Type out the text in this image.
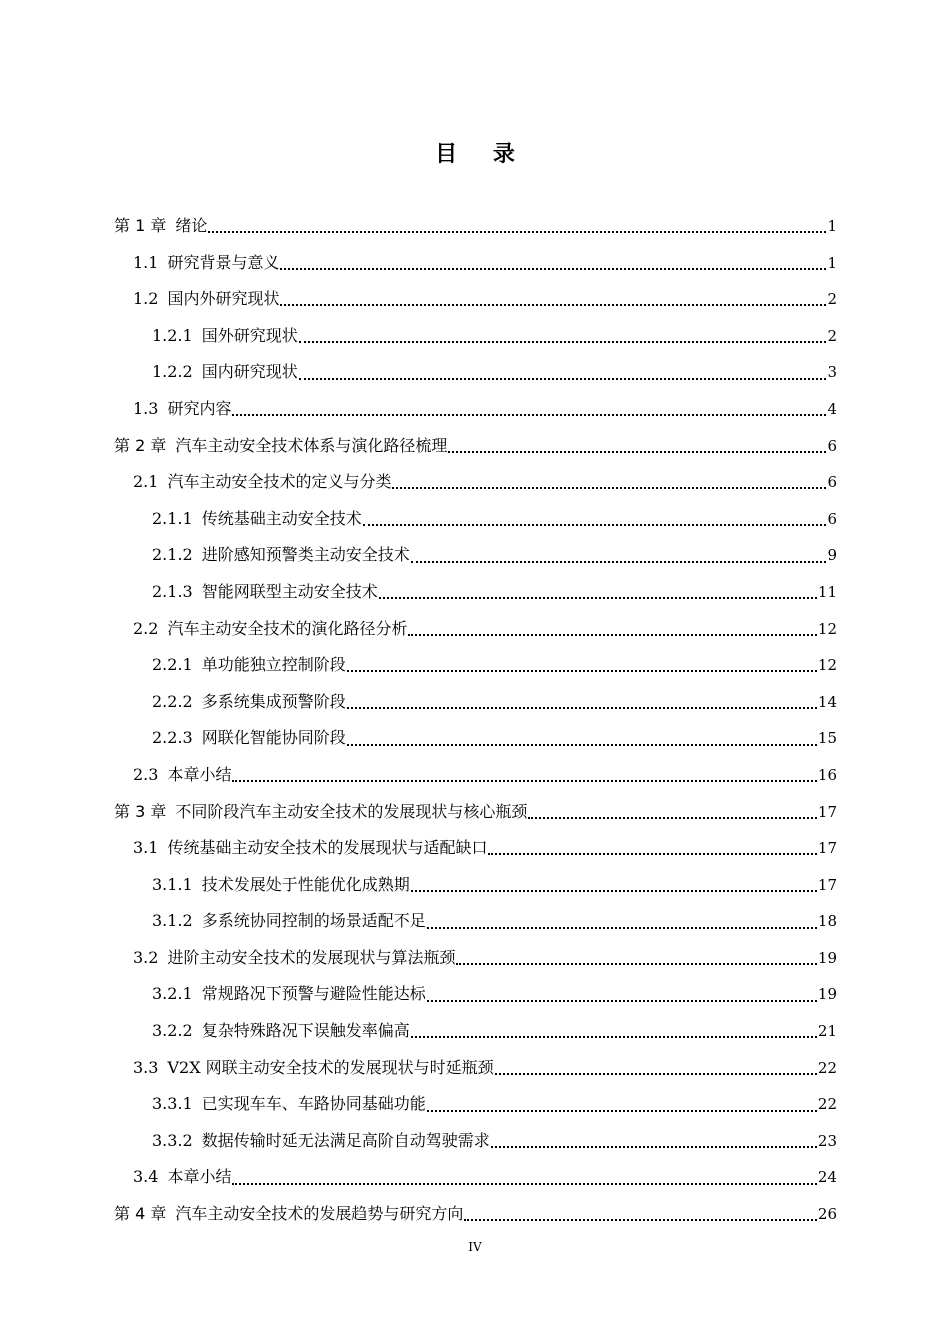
目 录
第 1 章 绪论	1
1.1 研究背景与意义	1
1.2 国内外研究现状	2
1.2.1 国外研究现状	2
1.2.2 国内研究现状	3
1.3 研究内容	4
第 2 章 汽车主动安全技术体系与演化路径梳理	6
2.1 汽车主动安全技术的定义与分类	6
2.1.1 传统基础主动安全技术	6
2.1.2 进阶感知预警类主动安全技术	9
2.1.3 智能网联型主动安全技术	11
2.2 汽车主动安全技术的演化路径分析	12
2.2.1 单功能独立控制阶段	12
2.2.2 多系统集成预警阶段	14
2.2.3 网联化智能协同阶段	15
2.3 本章小结	16
第 3 章 不同阶段汽车主动安全技术的发展现状与核心瓶颈	17
3.1 传统基础主动安全技术的发展现状与适配缺口	17
3.1.1 技术发展处于性能优化成熟期	17
3.1.2 多系统协同控制的场景适配不足	18
3.2 进阶主动安全技术的发展现状与算法瓶颈	19
3.2.1 常规路况下预警与避险性能达标	19
3.2.2 复杂特殊路况下误触发率偏高	21
3.3 V2X 网联主动安全技术的发展现状与时延瓶颈	22
3.3.1 已实现车车、车路协同基础功能	22
3.3.2 数据传输时延无法满足高阶自动驾驶需求	23
3.4 本章小结	24
第 4 章 汽车主动安全技术的发展趋势与研究方向	26
IV
